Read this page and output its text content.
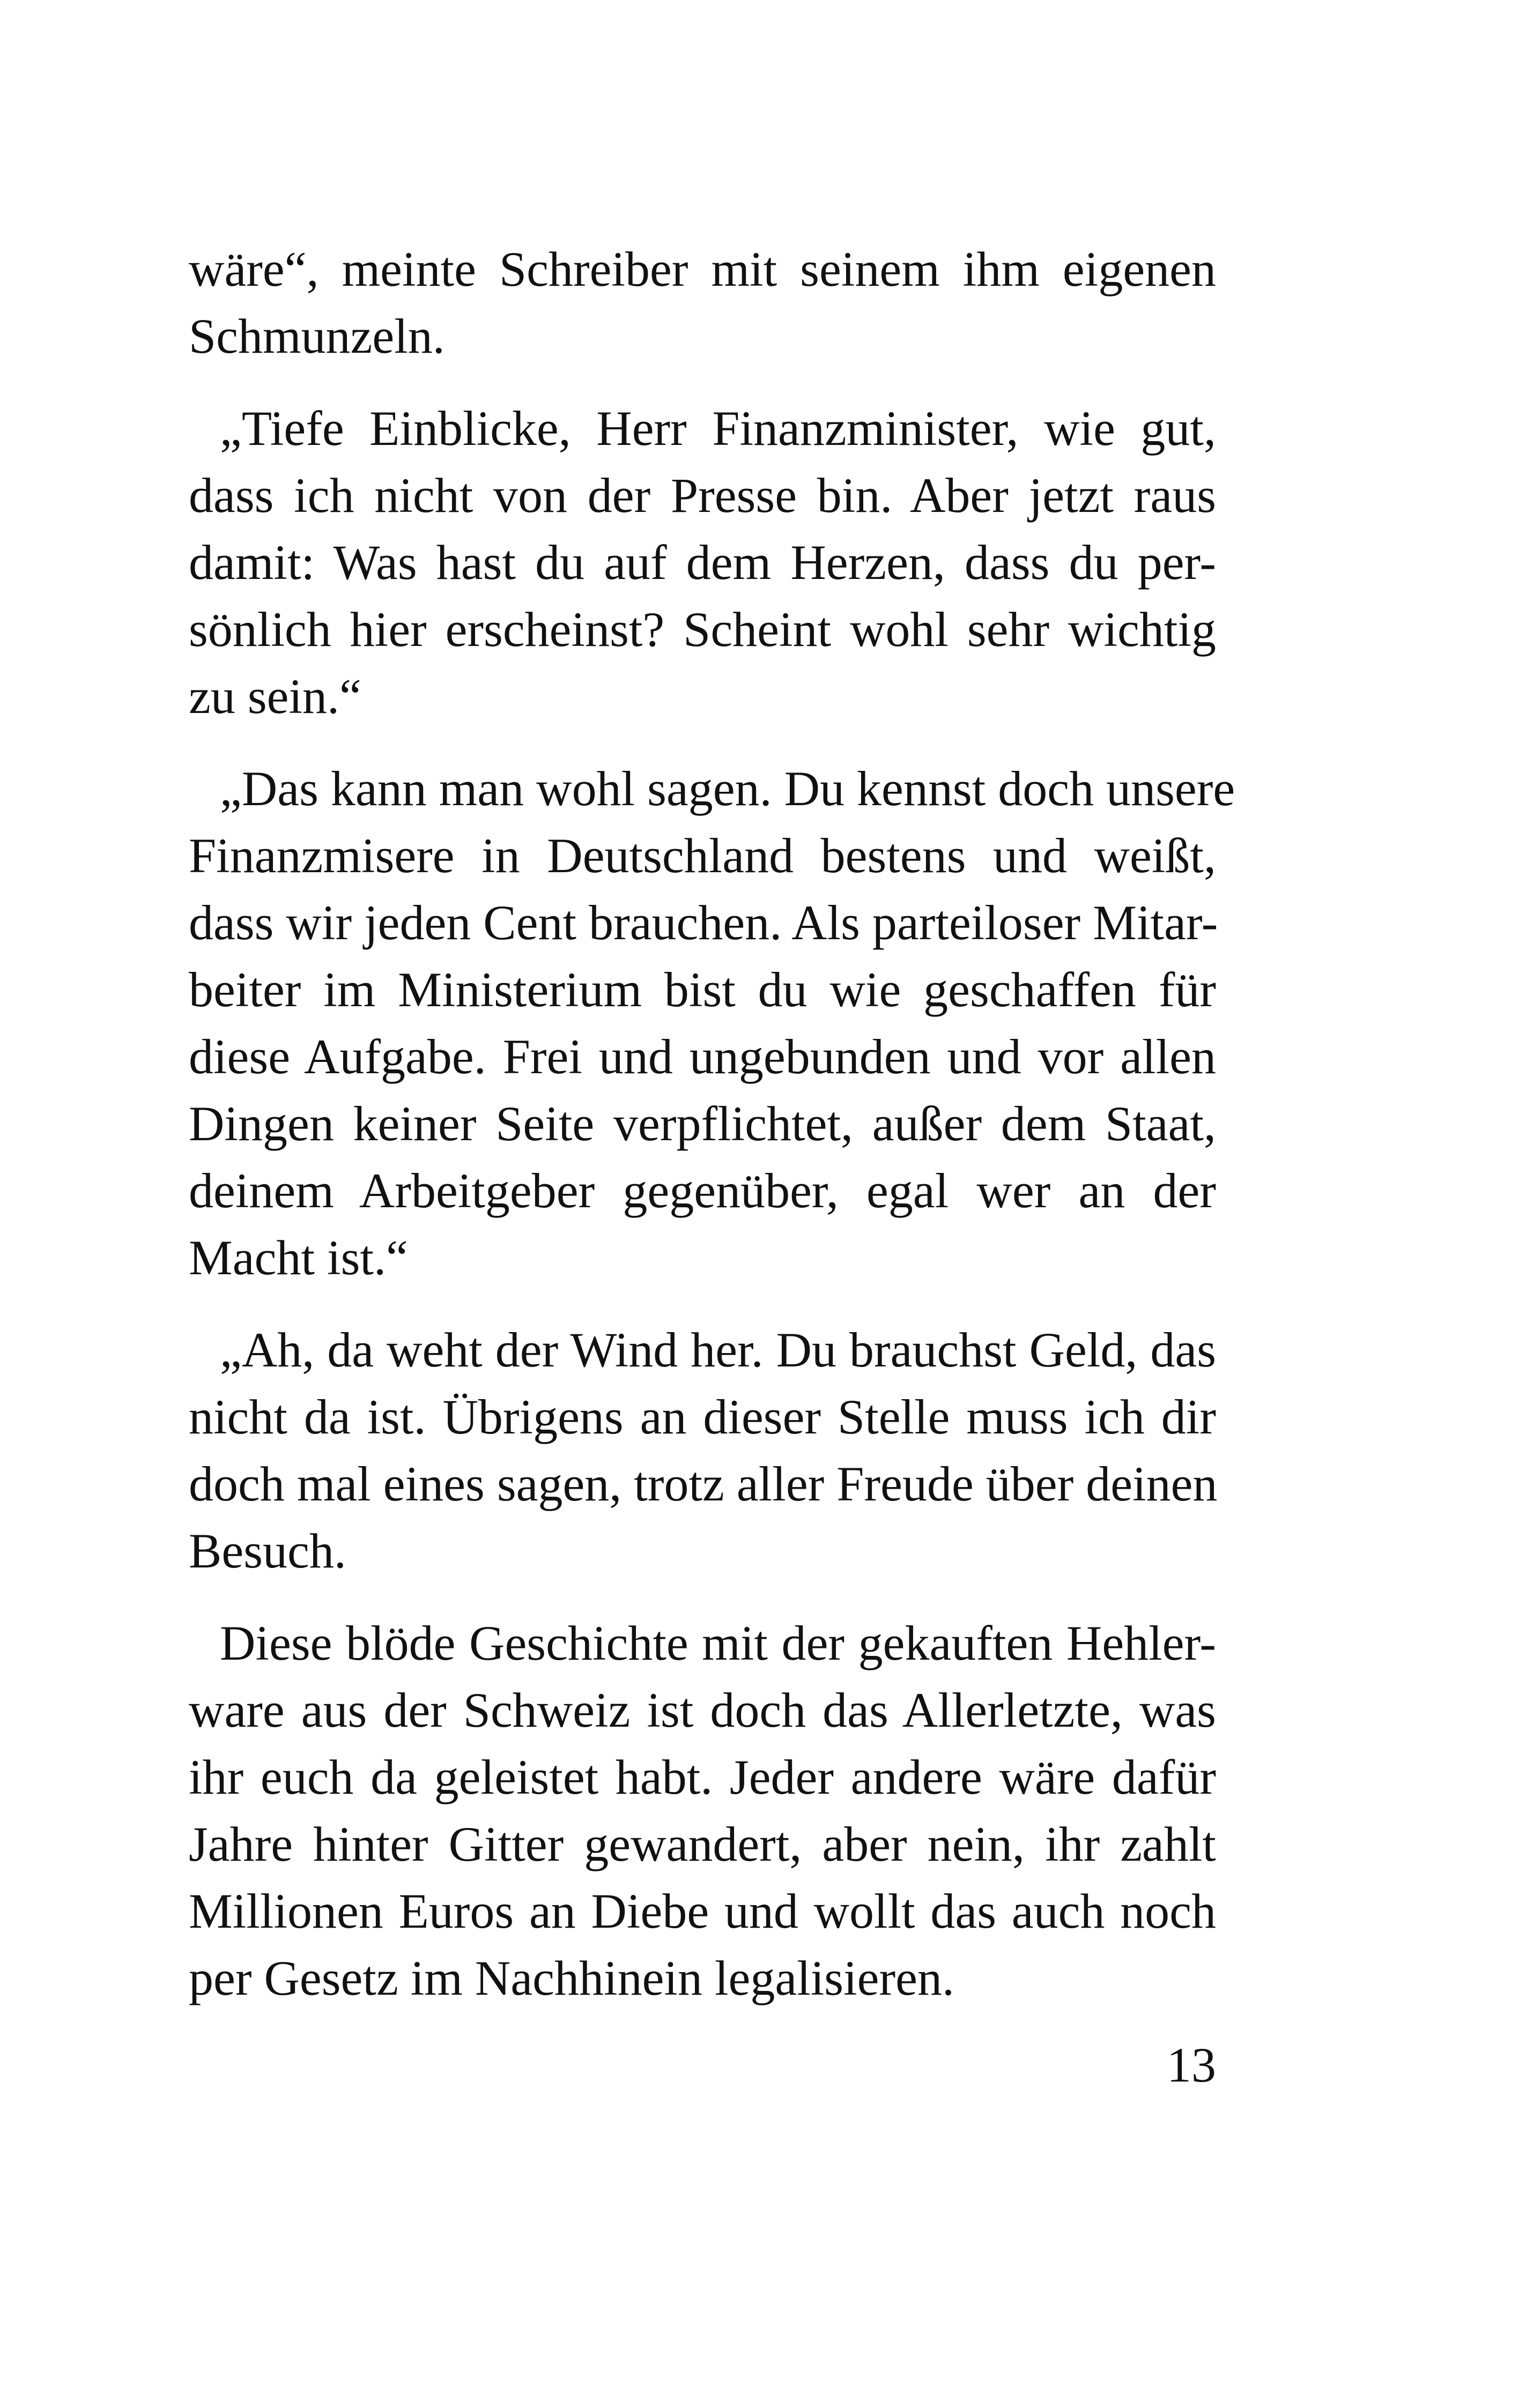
wäre“, meinte Schreiber mit seinem ihm eigenen
Schmunzeln.
„Tiefe Einblicke, Herr Finanzminister, wie gut,
dass ich nicht von der Presse bin. Aber jetzt raus
damit: Was hast du auf dem Herzen, dass du per-
sönlich hier erscheinst? Scheint wohl sehr wichtig
zu sein.“
„Das kann man wohl sagen. Du kennst doch unsere
Finanzmisere in Deutschland bestens und weißt,
dass wir jeden Cent brauchen. Als parteiloser Mitar-
beiter im Ministerium bist du wie geschaffen für
diese Aufgabe. Frei und ungebunden und vor allen
Dingen keiner Seite verpflichtet, außer dem Staat,
deinem Arbeitgeber gegenüber, egal wer an der
Macht ist.“
„Ah, da weht der Wind her. Du brauchst Geld, das
nicht da ist. Übrigens an dieser Stelle muss ich dir
doch mal eines sagen, trotz aller Freude über deinen
Besuch.
Diese blöde Geschichte mit der gekauften Hehler-
ware aus der Schweiz ist doch das Allerletzte, was
ihr euch da geleistet habt. Jeder andere wäre dafür
Jahre hinter Gitter gewandert, aber nein, ihr zahlt
Millionen Euros an Diebe und wollt das auch noch
per Gesetz im Nachhinein legalisieren.
13
